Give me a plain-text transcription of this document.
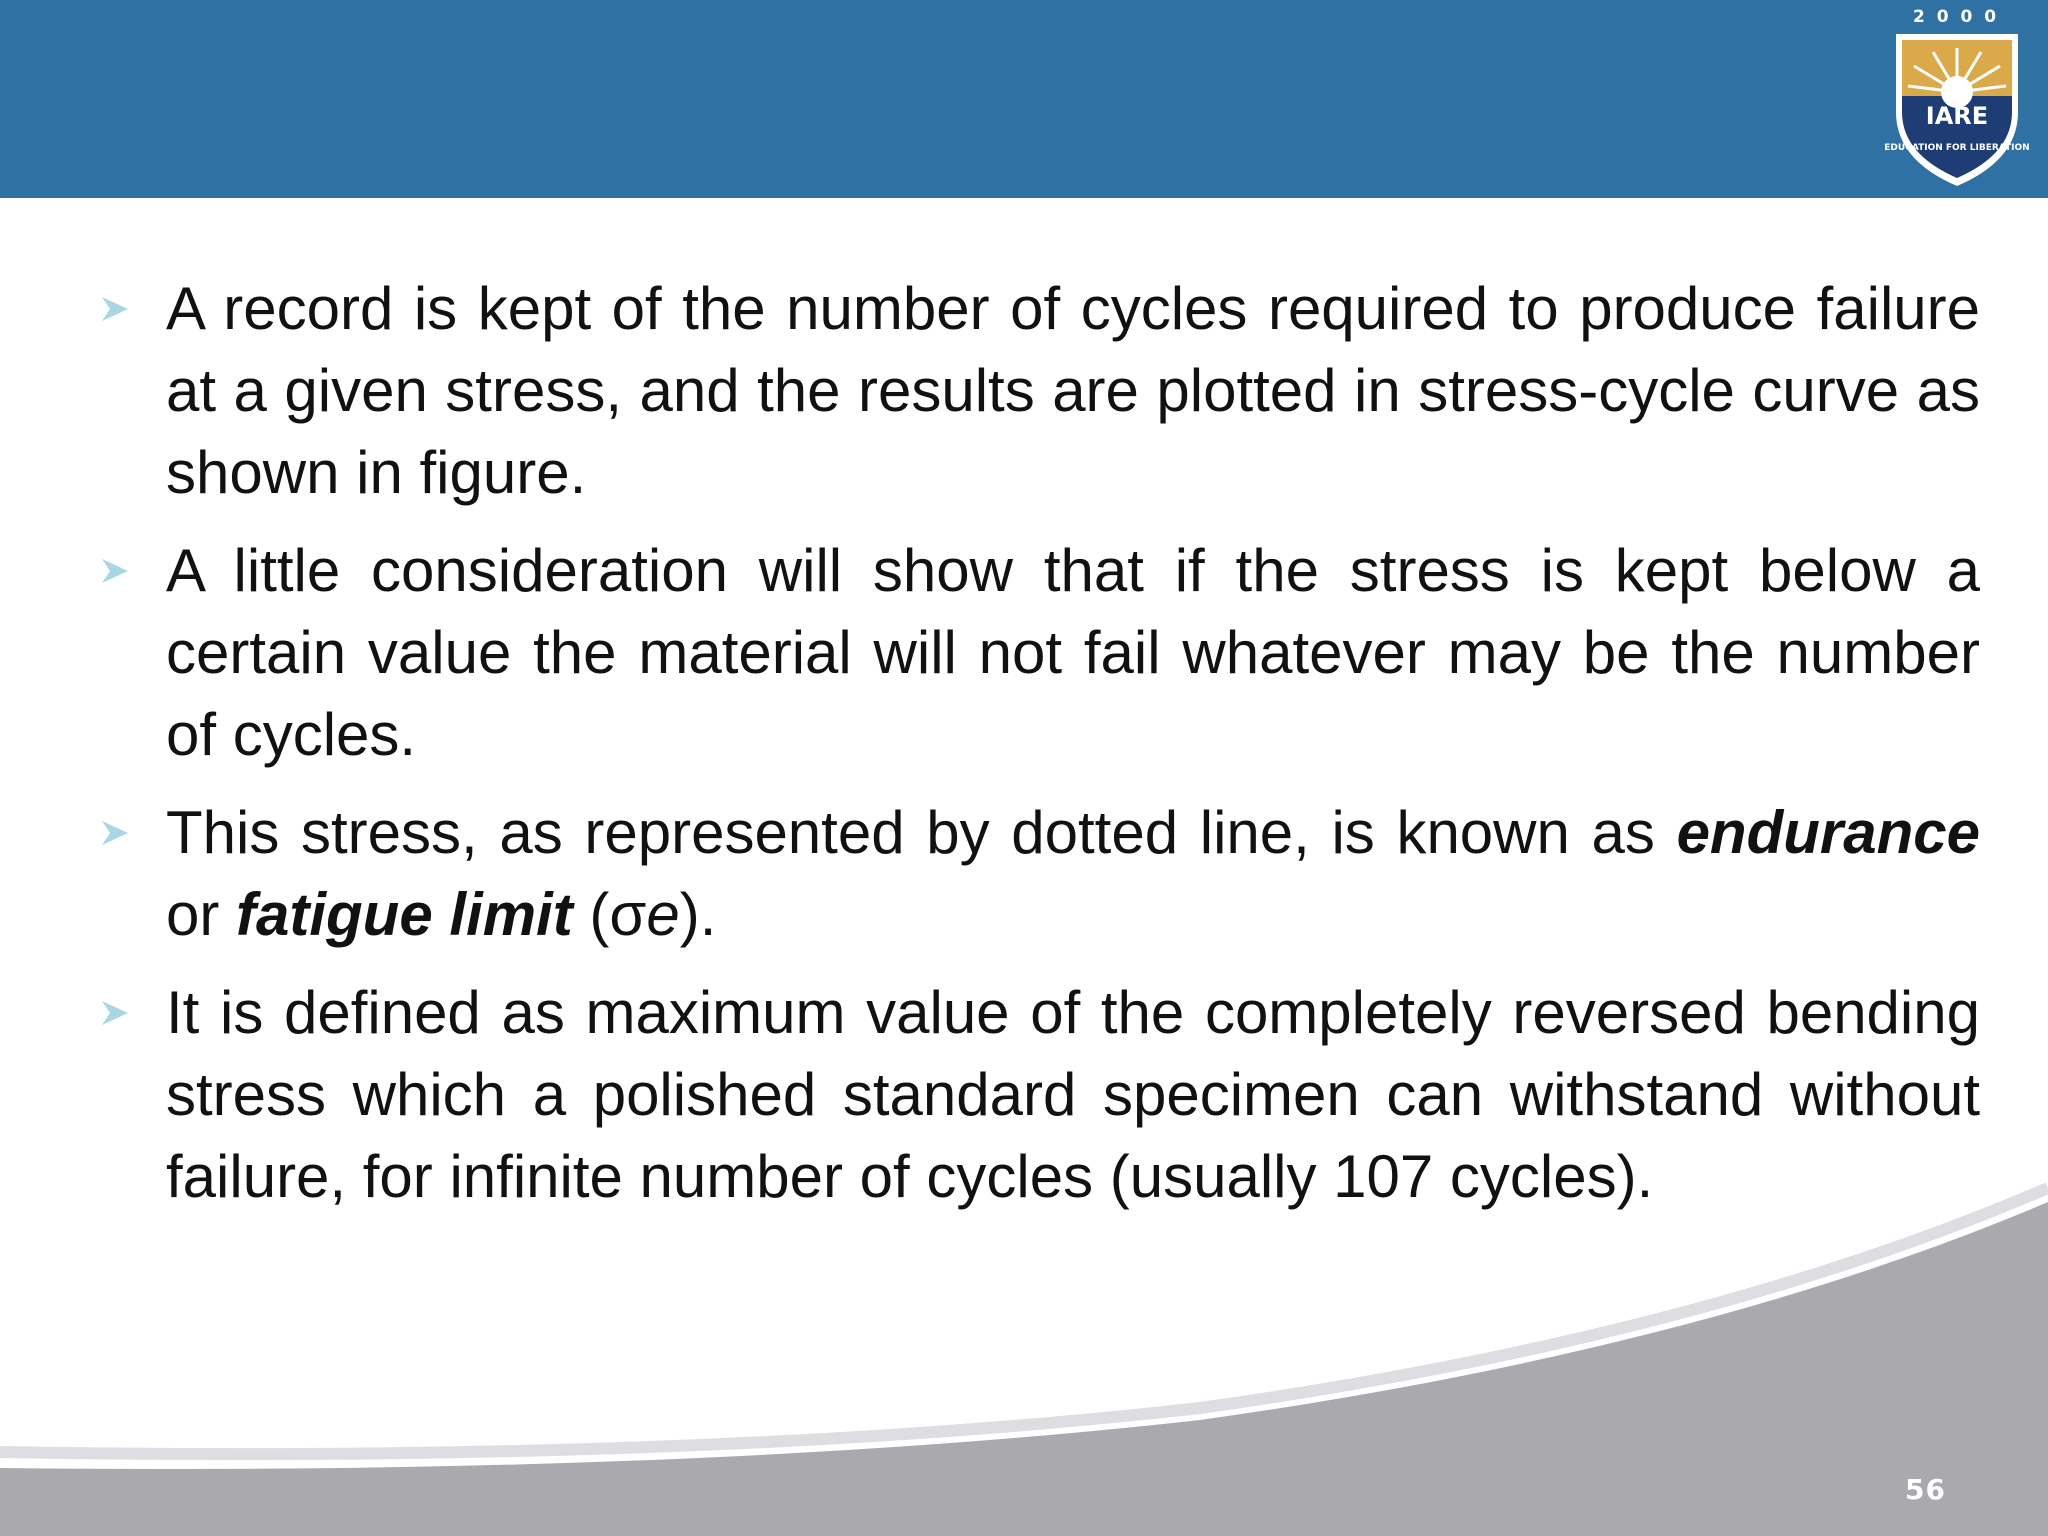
2 0 0 0
IARE
EDUCATION FOR LIBERATION
56
A record is kept of the number of cycles required to produce failure at a given stress, and the results are plotted in stress-cycle curve as shown in figure.
A little consideration will show that if the stress is kept below a certain value the material will not fail whatever may be the number of cycles.
This stress, as represented by dotted line, is known as endurance or fatigue limit (σe).
It is defined as maximum value of the completely reversed bending stress which a polished standard specimen can withstand without failure, for infinite number of cycles (usually 107 cycles).
